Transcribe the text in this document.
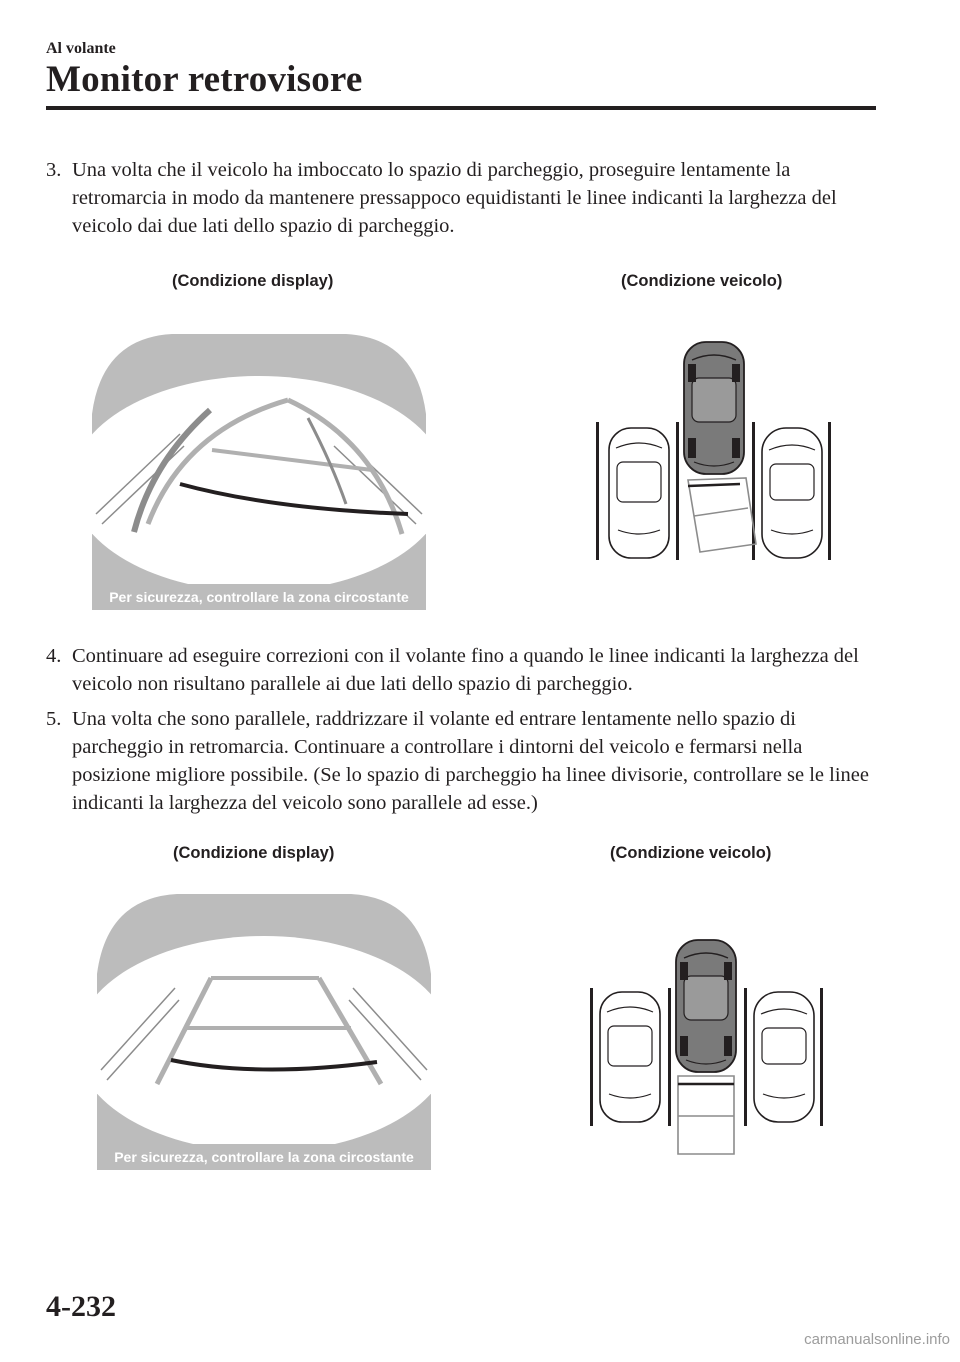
Al volante
Monitor retrovisore
3. Una volta che il veicolo ha imboccato lo spazio di parcheggio, proseguire lentamente la retromarcia in modo da mantenere pressappoco equidistanti le linee indicanti la larghezza del veicolo dai due lati dello spazio di parcheggio.
(Condizione display)	(Condizione veicolo)
Per sicurezza, controllare la zona circostante
4. Continuare ad eseguire correzioni con il volante fino a quando le linee indicanti la larghezza del veicolo non risultano parallele ai due lati dello spazio di parcheggio.
5. Una volta che sono parallele, raddrizzare il volante ed entrare lentamente nello spazio di parcheggio in retromarcia. Continuare a controllare i dintorni del veicolo e fermarsi nella posizione migliore possibile. (Se lo spazio di parcheggio ha linee divisorie, controllare se le linee indicanti la larghezza del veicolo sono parallele ad esse.)
(Condizione display)	(Condizione veicolo)
Per sicurezza, controllare la zona circostante
4-232
carmanualsonline.info
